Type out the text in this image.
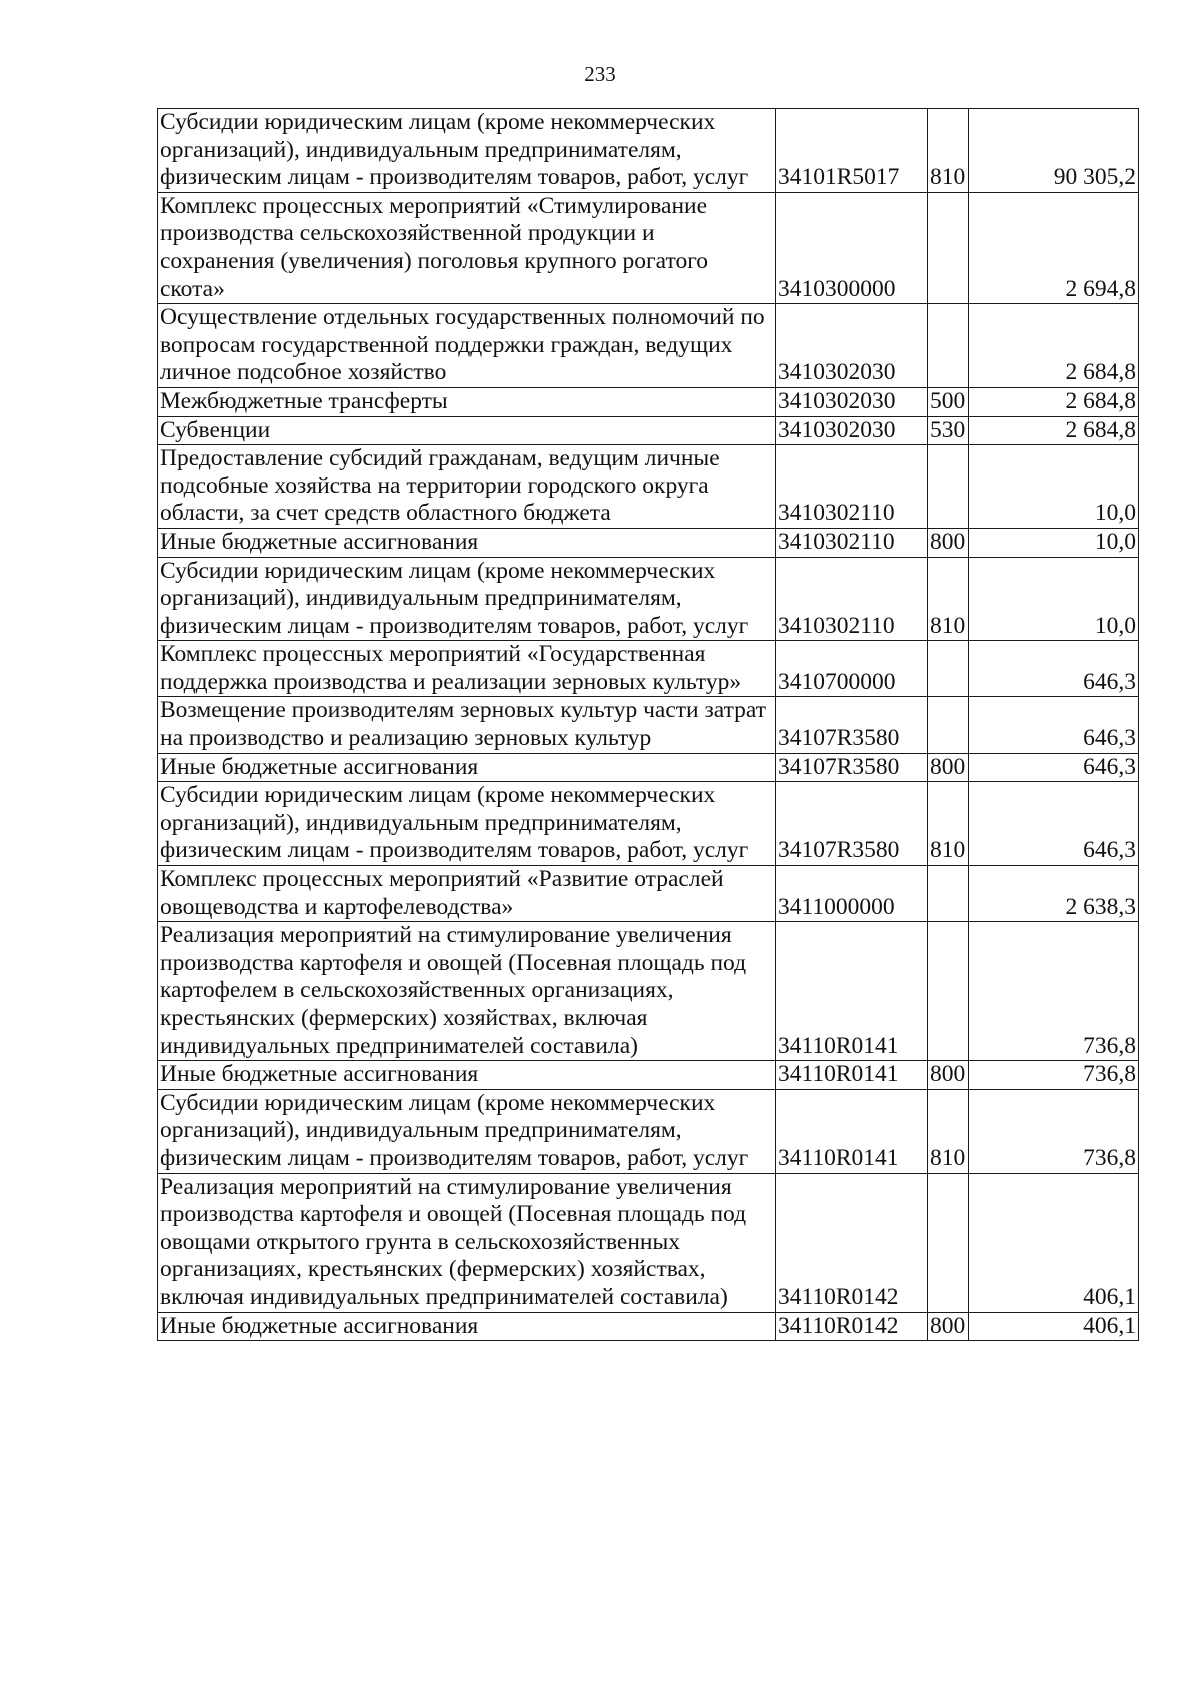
233
Субсидии юридическим лицам (кроме некоммерческих организаций), индивидуальным предпринимателям, физическим лицам - производителям товаров, работ, услуг	34101R5017	810	90 305,2
Комплекс процессных мероприятий «Стимулирование производства сельскохозяйственной продукции и сохранения (увеличения) поголовья крупного рогатого скота»	3410300000		2 694,8
Осуществление отдельных государственных полномочий по вопросам государственной поддержки граждан, ведущих личное подсобное хозяйство	3410302030		2 684,8
Межбюджетные трансферты	3410302030	500	2 684,8
Субвенции	3410302030	530	2 684,8
Предоставление субсидий гражданам, ведущим личные подсобные хозяйства на территории городского округа области, за счет средств областного бюджета	3410302110		10,0
Иные бюджетные ассигнования	3410302110	800	10,0
Субсидии юридическим лицам (кроме некоммерческих организаций), индивидуальным предпринимателям, физическим лицам - производителям товаров, работ, услуг	3410302110	810	10,0
Комплекс процессных мероприятий «Государственная поддержка производства и реализации зерновых культур»	3410700000		646,3
Возмещение производителям зерновых культур части затрат на производство и реализацию зерновых культур	34107R3580		646,3
Иные бюджетные ассигнования	34107R3580	800	646,3
Субсидии юридическим лицам (кроме некоммерческих организаций), индивидуальным предпринимателям, физическим лицам - производителям товаров, работ, услуг	34107R3580	810	646,3
Комплекс процессных мероприятий «Развитие отраслей овощеводства и картофелеводства»	3411000000		2 638,3
Реализация мероприятий на стимулирование увеличения производства картофеля и овощей (Посевная площадь под картофелем в сельскохозяйственных организациях, крестьянских (фермерских) хозяйствах, включая индивидуальных предпринимателей составила)	34110R0141		736,8
Иные бюджетные ассигнования	34110R0141	800	736,8
Субсидии юридическим лицам (кроме некоммерческих организаций), индивидуальным предпринимателям, физическим лицам - производителям товаров, работ, услуг	34110R0141	810	736,8
Реализация мероприятий на стимулирование увеличения производства картофеля и овощей (Посевная площадь под овощами открытого грунта в сельскохозяйственных организациях, крестьянских (фермерских) хозяйствах, включая индивидуальных предпринимателей составила)	34110R0142		406,1
Иные бюджетные ассигнования	34110R0142	800	406,1
